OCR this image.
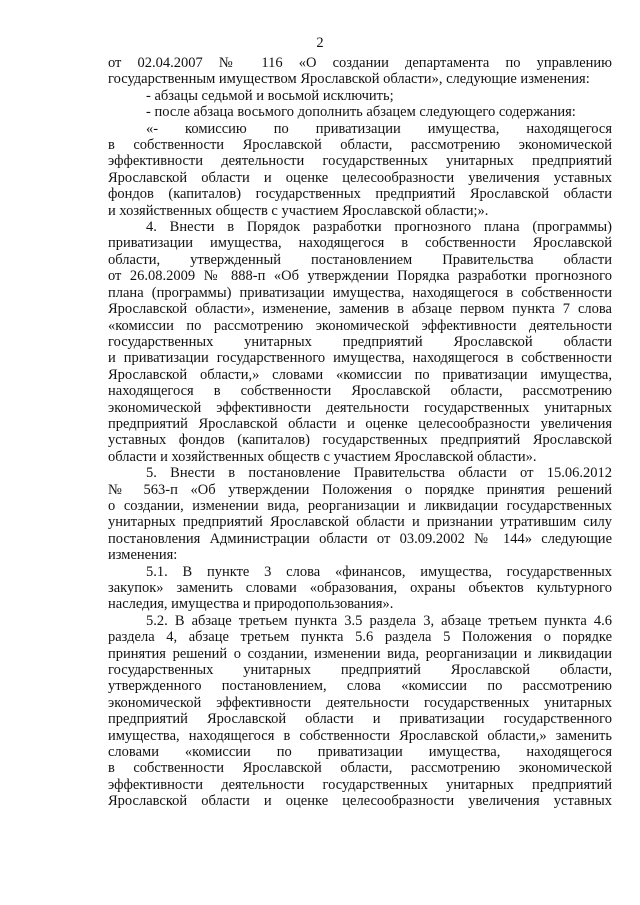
2
от 02.04.2007 № 116 «О создании департамента по управлению
государственным имуществом Ярославской области», следующие изменения:
- абзацы седьмой и восьмой исключить;
- после абзаца восьмого дополнить абзацем следующего содержания:
«- комиссию по приватизации имущества, находящегося
в собственности Ярославской области, рассмотрению экономической
эффективности деятельности государственных унитарных предприятий
Ярославской области и оценке целесообразности увеличения уставных
фондов (капиталов) государственных предприятий Ярославской области
и хозяйственных обществ с участием Ярославской области;».
4. Внести в Порядок разработки прогнозного плана (программы)
приватизации имущества, находящегося в собственности Ярославской
области, утвержденный постановлением Правительства области
от 26.08.2009 № 888-п «Об утверждении Порядка разработки прогнозного
плана (программы) приватизации имущества, находящегося в собственности
Ярославской области», изменение, заменив в абзаце первом пункта 7 слова
«комиссии по рассмотрению экономической эффективности деятельности
государственных унитарных предприятий Ярославской области
и приватизации государственного имущества, находящегося в собственности
Ярославской области,» словами «комиссии по приватизации имущества,
находящегося в собственности Ярославской области, рассмотрению
экономической эффективности деятельности государственных унитарных
предприятий Ярославской области и оценке целесообразности увеличения
уставных фондов (капиталов) государственных предприятий Ярославской
области и хозяйственных обществ с участием Ярославской области».
5. Внести в постановление Правительства области от 15.06.2012
№ 563-п «Об утверждении Положения о порядке принятия решений
о создании, изменении вида, реорганизации и ликвидации государственных
унитарных предприятий Ярославской области и признании утратившим силу
постановления Администрации области от 03.09.2002 № 144» следующие
изменения:
5.1. В пункте 3 слова «финансов, имущества, государственных
закупок» заменить словами «образования, охраны объектов культурного
наследия, имущества и природопользования».
5.2. В абзаце третьем пункта 3.5 раздела 3, абзаце третьем пункта 4.6
раздела 4, абзаце третьем пункта 5.6 раздела 5 Положения о порядке
принятия решений о создании, изменении вида, реорганизации и ликвидации
государственных унитарных предприятий Ярославской области,
утвержденного постановлением, слова «комиссии по рассмотрению
экономической эффективности деятельности государственных унитарных
предприятий Ярославской области и приватизации государственного
имущества, находящегося в собственности Ярославской области,» заменить
словами «комиссии по приватизации имущества, находящегося
в собственности Ярославской области, рассмотрению экономической
эффективности деятельности государственных унитарных предприятий
Ярославской области и оценке целесообразности увеличения уставных
